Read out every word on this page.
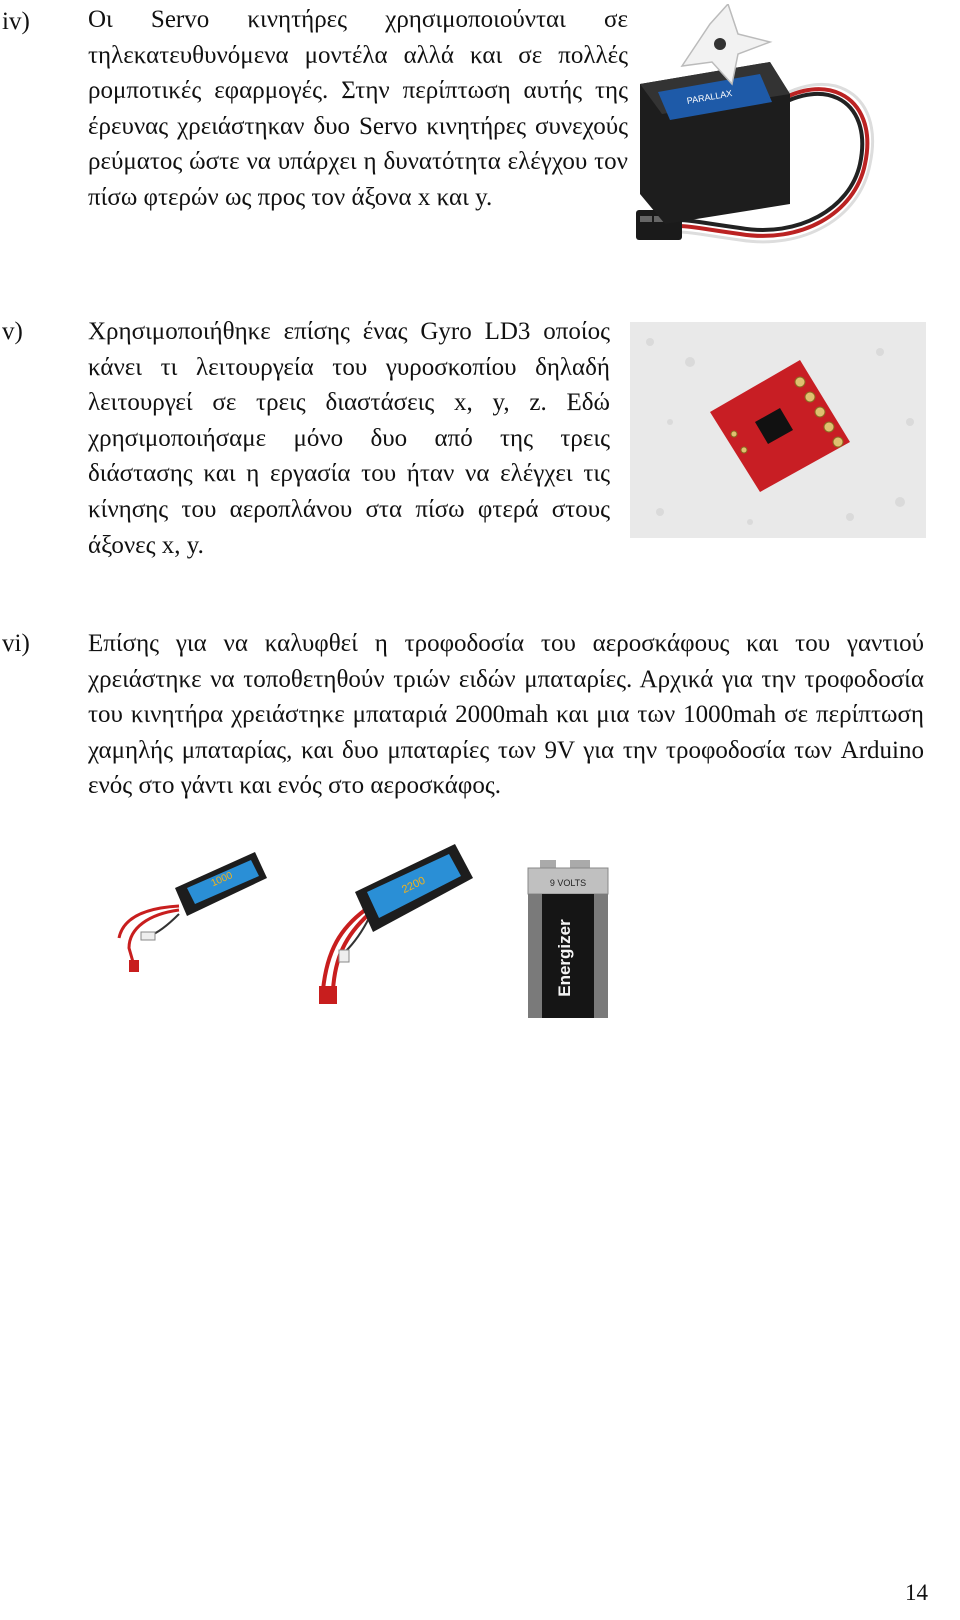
iv) Οι Servo κινητήρες χρησιμοποιούνται σε τηλεκατευθυνόμενα μοντέλα αλλά και σε πολλές ρομποτικές εφαρμογές. Στην περίπτωση αυτής της έρευνας χρειάστηκαν δυο Servo κινητήρες συνεχούς ρεύματος ώστε να υπάρχει η δυνατότητα ελέγχου τον πίσω φτερών ως προς τον άξονα x και y.

PARALLAX
v)	Χρησιμοποιήθηκε επίσης ένας Gyro LD3 οποίος κάνει τι λειτουργεία του γυροσκοπίου δηλαδή λειτουργεί σε τρεις διαστάσεις x, y, z. Εδώ χρησιμοποιήσαμε μόνο δυο από της τρεις διάστασης και η εργασία του ήταν να ελέγχει τις κίνησης του αεροπλάνου στα πίσω φτερά στους άξονες x, y.

vi) Επίσης για να καλυφθεί η τροφοδοσία του αεροσκάφους και του γαντιού χρειάστηκε να τοποθετηθούν τριών ειδών μπαταρίες. Αρχικά για την τροφοδοσία του κινητήρα χρειάστηκε μπαταριά 2000mah και μια των 1000mah σε περίπτωση χαμηλής μπαταρίας, και δυο μπαταρίες των 9V για την τροφοδοσία των Arduino ενός στο γάντι και ενός στο αεροσκάφος.

1000	2200	9 VOLTS
Energizer
14
